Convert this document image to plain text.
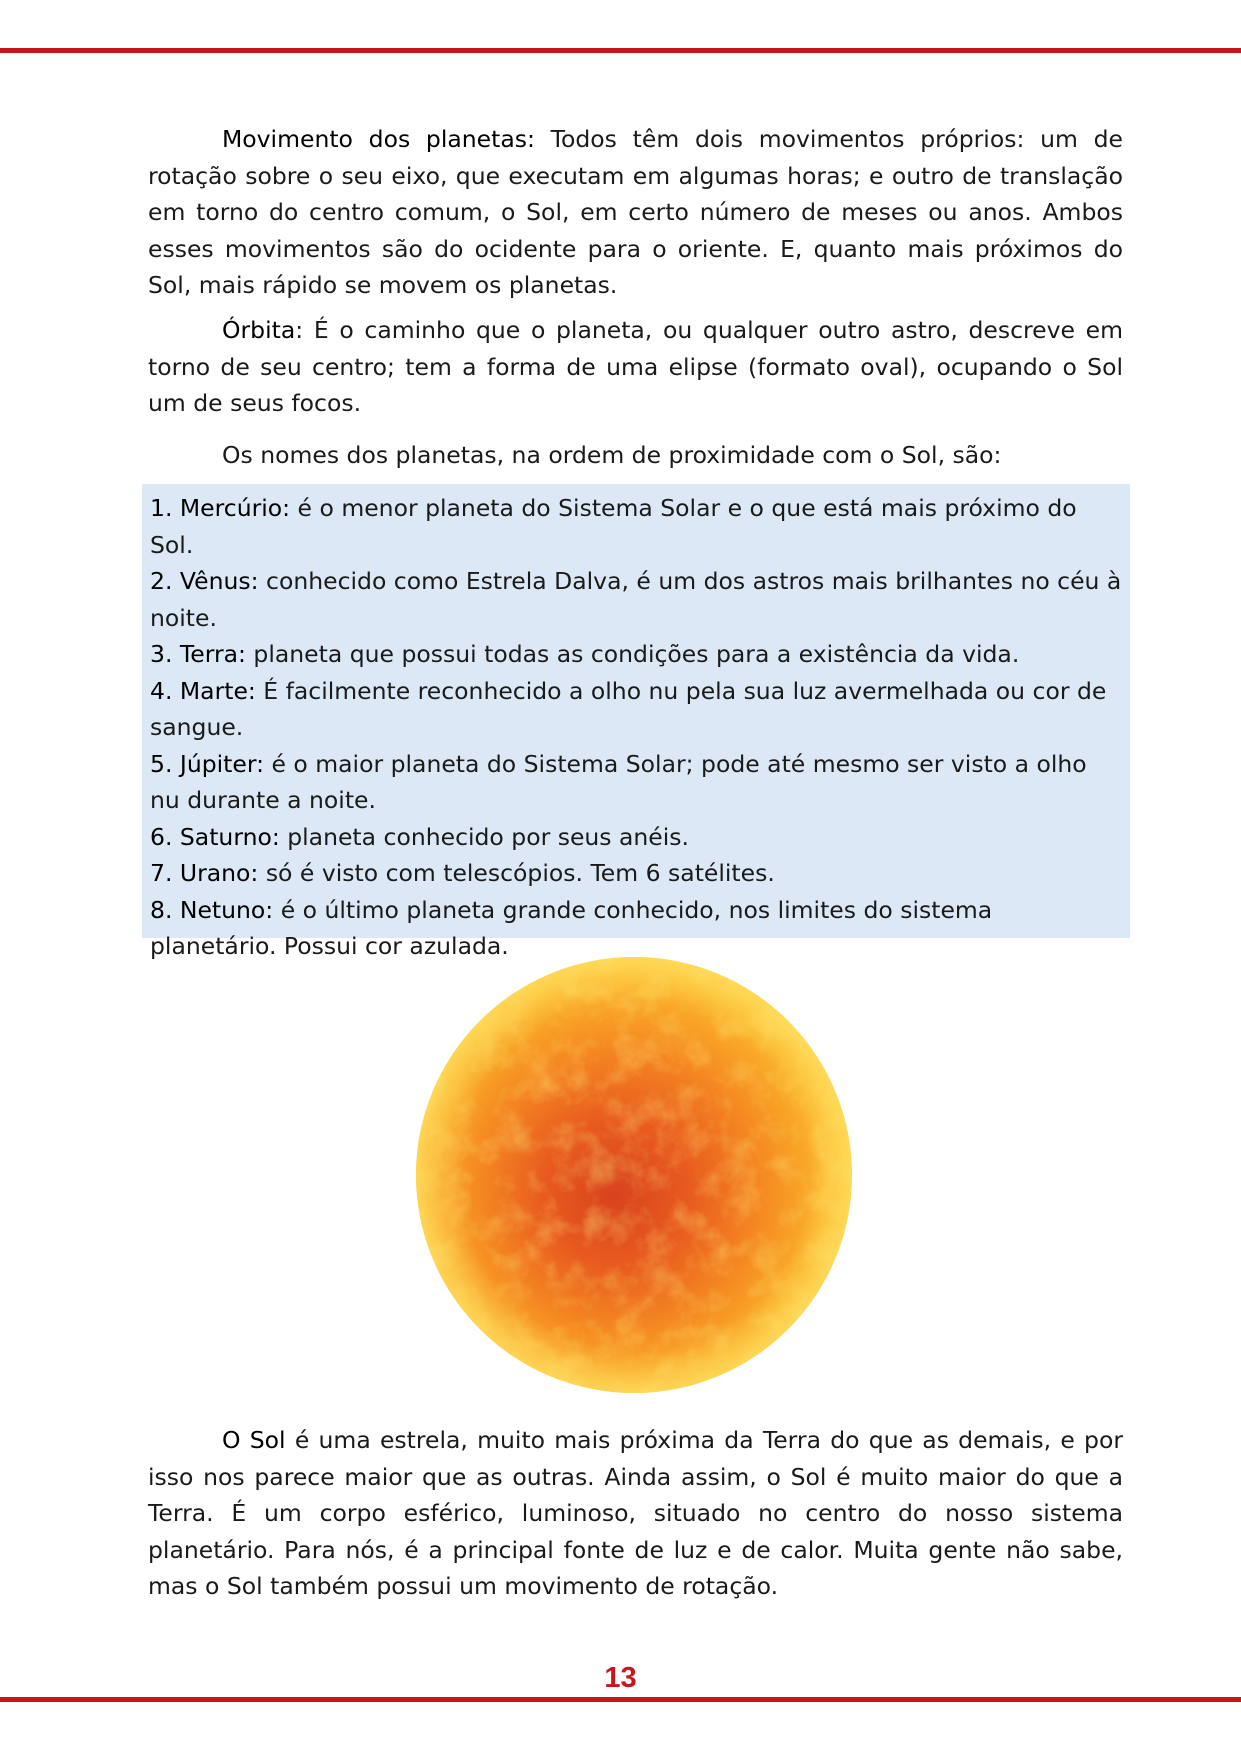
Movimento dos planetas: Todos têm dois movimentos próprios: um de rotação sobre o seu eixo, que executam em algumas horas; e outro de translação em torno do centro comum, o Sol, em certo número de meses ou anos. Ambos esses movimentos são do ocidente para o oriente. E, quanto mais próximos do Sol, mais rápido se movem os planetas.

Órbita: É o caminho que o planeta, ou qualquer outro astro, descreve em torno de seu centro; tem a forma de uma elipse (formato oval), ocupando o Sol um de seus focos.

Os nomes dos planetas, na ordem de proximidade com o Sol, são:

1. Mercúrio: é o menor planeta do Sistema Solar e o que está mais próximo do Sol.
2. Vênus: conhecido como Estrela Dalva, é um dos astros mais brilhantes no céu à noite.
3. Terra: planeta que possui todas as condições para a existência da vida.
4. Marte: É facilmente reconhecido a olho nu pela sua luz avermelhada ou cor de sangue.
5. Júpiter: é o maior planeta do Sistema Solar; pode até mesmo ser visto a olho nu durante a noite.
6. Saturno: planeta conhecido por seus anéis.
7. Urano: só é visto com telescópios. Tem 6 satélites.
8. Netuno: é o último planeta grande conhecido, nos limites do sistema planetário. Possui cor azulada.

O Sol é uma estrela, muito mais próxima da Terra do que as demais, e por isso nos parece maior que as outras. Ainda assim, o Sol é muito maior do que a Terra. É um corpo esférico, luminoso, situado no centro do nosso sistema planetário. Para nós, é a principal fonte de luz e de calor. Muita gente não sabe, mas o Sol também possui um movimento de rotação.

13
